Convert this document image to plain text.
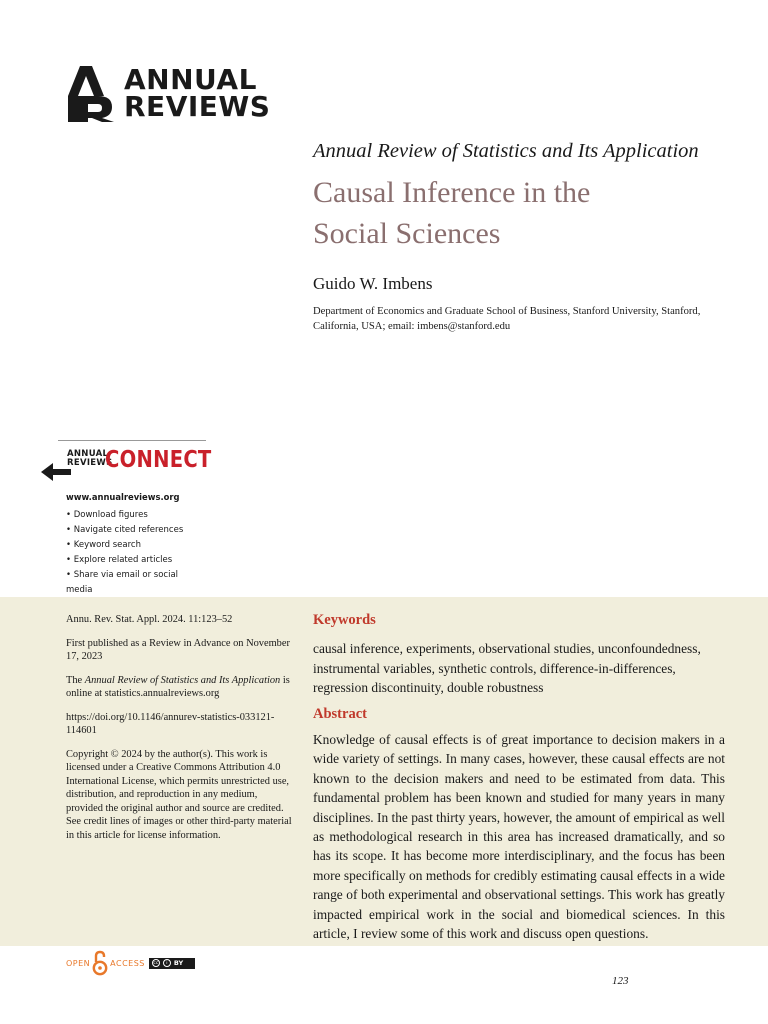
ANNUAL
REVIEWS
Annual Review of Statistics and Its Application
Causal Inference in the
Social Sciences
Guido W. Imbens
Department of Economics and Graduate School of Business, Stanford University, Stanford, California, USA; email: imbens@stanford.edu
ANNUAL
REVIEWS
CONNECT
www.annualreviews.org
• Download figures
• Navigate cited references
• Keyword search
• Explore related articles
• Share via email or social media

Annu. Rev. Stat. Appl. 2024. 11:123–52

First published as a Review in Advance on November 17, 2023

The Annual Review of Statistics and Its Application is online at statistics.annualreviews.org

https://doi.org/10.1146/annurev-statistics-033121-114601

Copyright © 2024 by the author(s). This work is licensed under a Creative Commons Attribution 4.0 International License, which permits unrestricted use, distribution, and reproduction in any medium, provided the original author and source are credited. See credit lines of images or other third-party material in this article for license information.

Keywords
causal inference, experiments, observational studies, unconfoundedness, instrumental variables, synthetic controls, difference-in-differences, regression discontinuity, double robustness
Abstract
Knowledge of causal effects is of great importance to decision makers in a wide variety of settings. In many cases, however, these causal effects are not known to the decision makers and need to be estimated from data. This fundamental problem has been known and studied for many years in many disciplines. In the past thirty years, however, the amount of empirical as well as methodological research in this area has increased dramatically, and so has its scope. It has become more interdisciplinary, and the focus has been more specifically on methods for credibly estimating causal effects in a wide range of both experimental and observational settings. This work has greatly impacted empirical work in the social and biomedical sciences. In this article, I review some of this work and discuss open questions.
OPEN	ACCESS	cc	i BY
123
